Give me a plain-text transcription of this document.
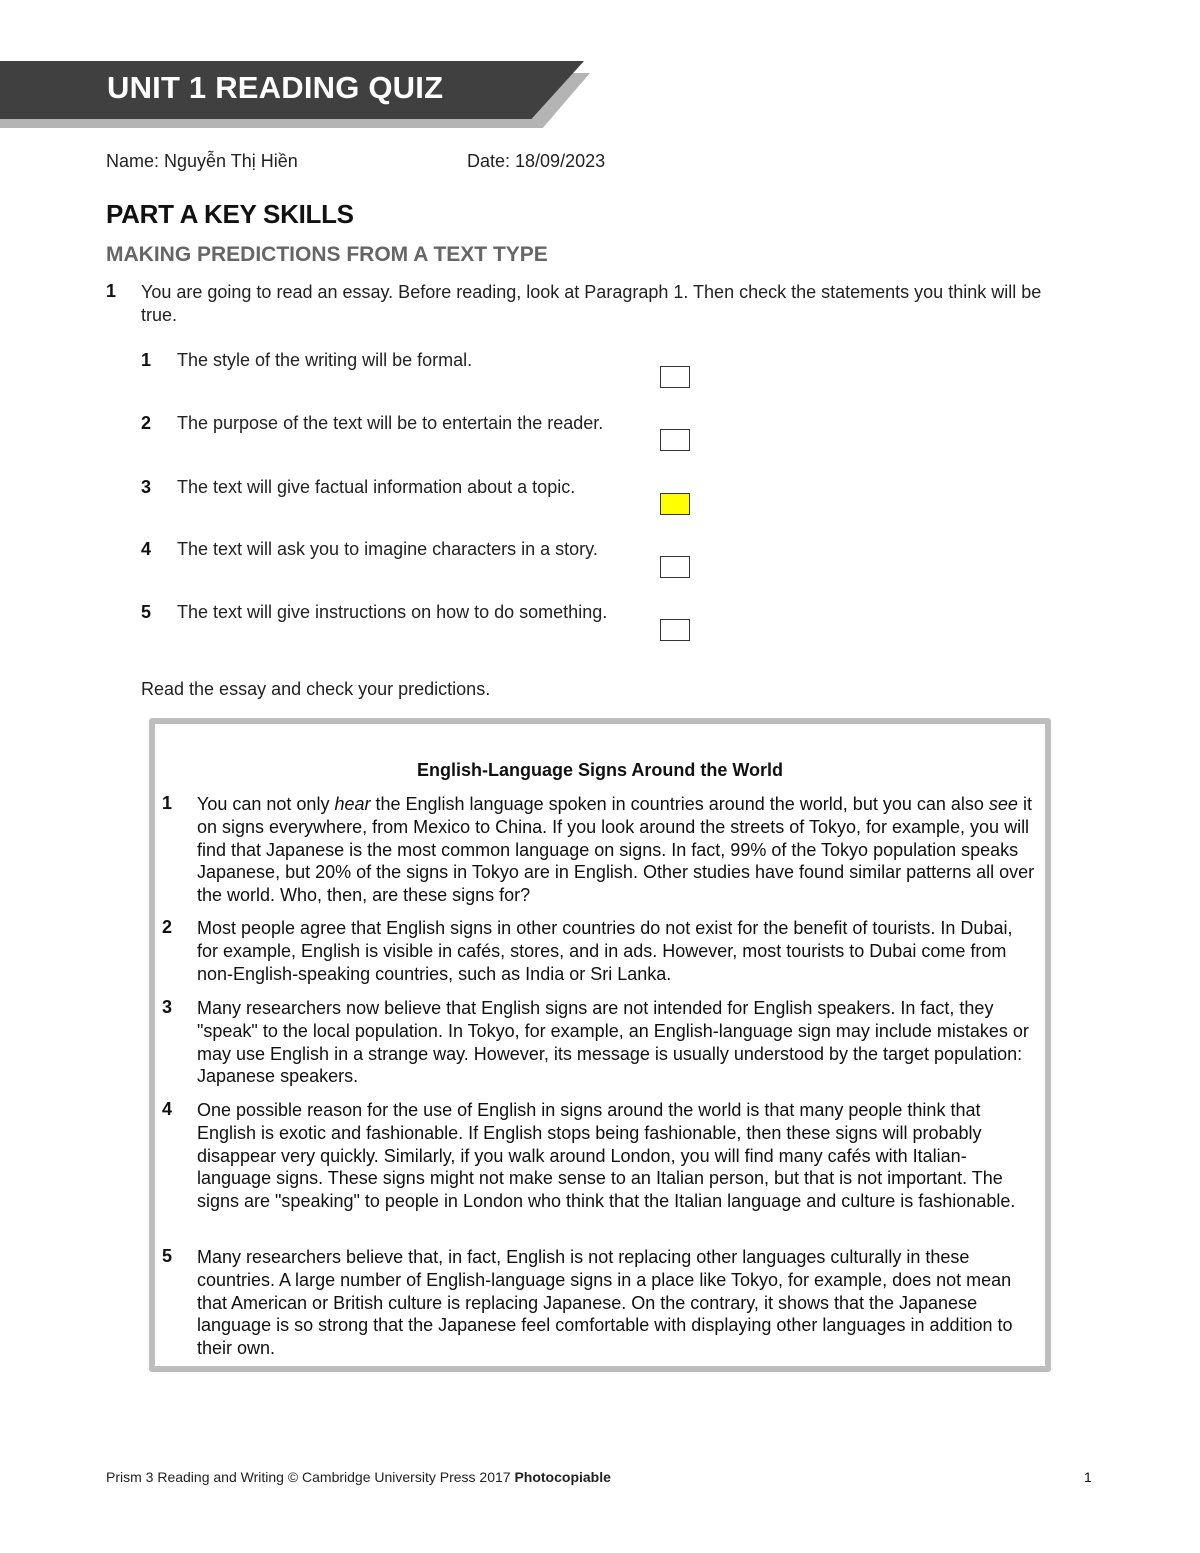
UNIT 1 READING QUIZ
Name: Nguyễn Thị Hiền	Date: 18/09/2023
PART A KEY SKILLS
MAKING PREDICTIONS FROM A TEXT TYPE
1 You are going to read an essay. Before reading, look at Paragraph 1. Then check the statements you think will be true.
1 The style of the writing will be formal.
2 The purpose of the text will be to entertain the reader.
3 The text will give factual information about a topic.
4 The text will ask you to imagine characters in a story.
5 The text will give instructions on how to do something.
Read the essay and check your predictions.
English-Language Signs Around the World
1 You can not only hear the English language spoken in countries around the world, but you can also see it on signs everywhere, from Mexico to China. If you look around the streets of Tokyo, for example, you will find that Japanese is the most common language on signs. In fact, 99% of the Tokyo population speaks Japanese, but 20% of the signs in Tokyo are in English. Other studies have found similar patterns all over the world. Who, then, are these signs for?
2 Most people agree that English signs in other countries do not exist for the benefit of tourists. In Dubai, for example, English is visible in cafés, stores, and in ads. However, most tourists to Dubai come from non-English-speaking countries, such as India or Sri Lanka.
3 Many researchers now believe that English signs are not intended for English speakers. In fact, they "speak" to the local population. In Tokyo, for example, an English-language sign may include mistakes or may use English in a strange way. However, its message is usually understood by the target population: Japanese speakers.
4 One possible reason for the use of English in signs around the world is that many people think that English is exotic and fashionable. If English stops being fashionable, then these signs will probably disappear very quickly. Similarly, if you walk around London, you will find many cafés with Italian- language signs. These signs might not make sense to an Italian person, but that is not important. The signs are "speaking" to people in London who think that the Italian language and culture is fashionable.
5 Many researchers believe that, in fact, English is not replacing other languages culturally in these countries. A large number of English-language signs in a place like Tokyo, for example, does not mean that American or British culture is replacing Japanese. On the contrary, it shows that the Japanese language is so strong that the Japanese feel comfortable with displaying other languages in addition to their own.
Prism 3 Reading and Writing © Cambridge University Press 2017 Photocopiable	1
